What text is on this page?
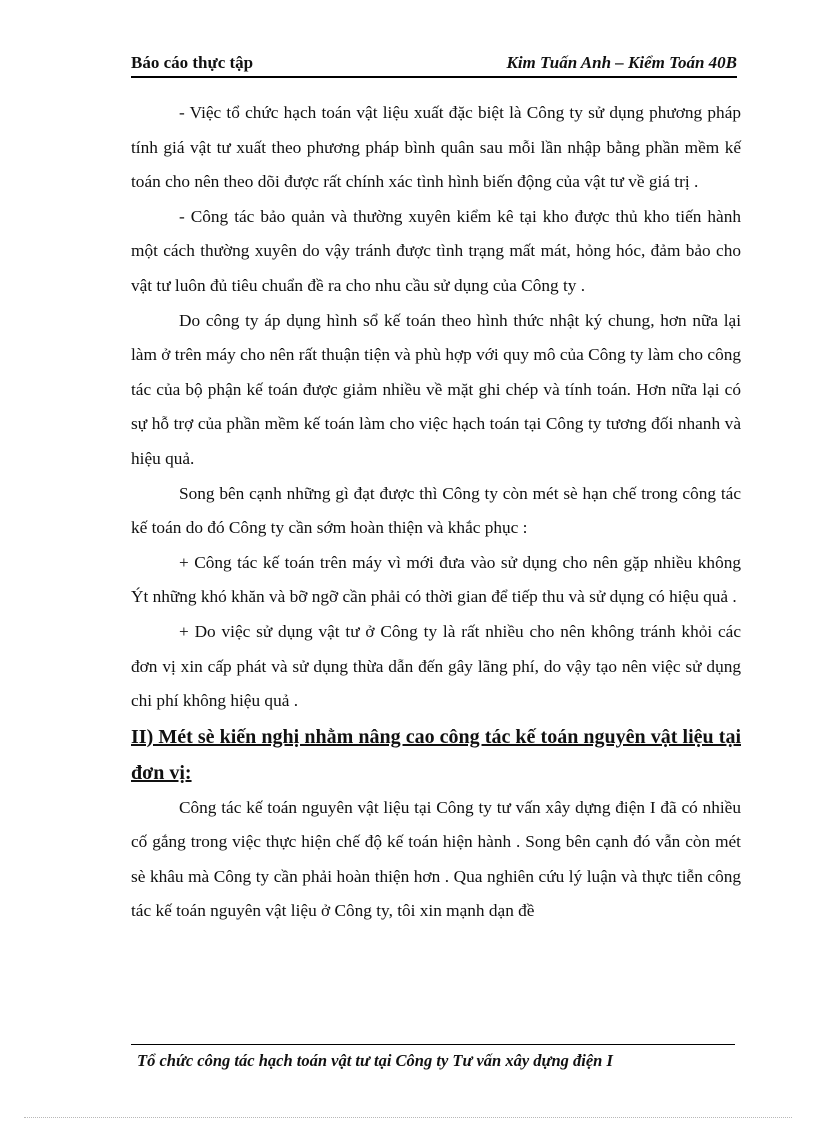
Báo cáo thực tập	Kim Tuấn Anh – Kiểm Toán 40B

- Việc tổ chức hạch toán vật liệu xuất đặc biệt là Công ty sử dụng phương pháp tính giá vật tư xuất theo phương pháp bình quân sau mỗi lần nhập bằng phần mềm kế toán cho nên theo dõi được rất chính xác tình hình biến động của vật tư về giá trị .

- Công tác bảo quản và thường xuyên kiểm kê tại kho được thủ kho tiến hành một cách thường xuyên do vậy tránh được tình trạng mất mát, hỏng hóc, đảm bảo cho vật tư luôn đủ tiêu chuẩn đề ra cho nhu cầu sử dụng của Công ty .

Do công ty áp dụng hình sổ kế toán theo hình thức nhật ký chung, hơn nữa lại làm ở trên máy cho nên rất thuận tiện và phù hợp với quy mô của Công ty làm cho công tác của bộ phận kế toán được giảm nhiều về mặt ghi chép và tính toán. Hơn nữa lại có sự hỗ trợ của phần mềm kế toán làm cho việc hạch toán tại Công ty tương đối nhanh và hiệu quả.

Song bên cạnh những gì đạt được thì Công ty còn mét sè hạn chế trong công tác kế toán do đó Công ty cần sớm hoàn thiện và khắc phục :

+ Công tác kế toán trên máy vì mới đưa vào sử dụng cho nên gặp nhiều không Ýt những khó khăn và bỡ ngỡ cần phải có thời gian để tiếp thu và sử dụng có hiệu quả .

+ Do việc sử dụng vật tư ở Công ty là rất nhiều cho nên không tránh khỏi các đơn vị xin cấp phát và sử dụng thừa dẫn đến gây lãng phí, do vậy tạo nên việc sử dụng chi phí không hiệu quả .

II) Mét sè kiến nghị nhằm nâng cao công tác kế toán nguyên vật liệu tại đơn vị:

Công tác kế toán nguyên vật liệu tại Công ty tư vấn xây dựng điện I đã có nhiều cố gắng trong việc thực hiện chế độ kế toán hiện hành . Song bên cạnh đó vẫn còn mét sè khâu mà Công ty cần phải hoàn thiện hơn . Qua nghiên cứu lý luận và thực tiễn công tác kế toán nguyên vật liệu ở Công ty, tôi xin mạnh dạn đề

Tổ chức công tác hạch toán vật tư tại Công ty Tư vấn xây dựng điện I
